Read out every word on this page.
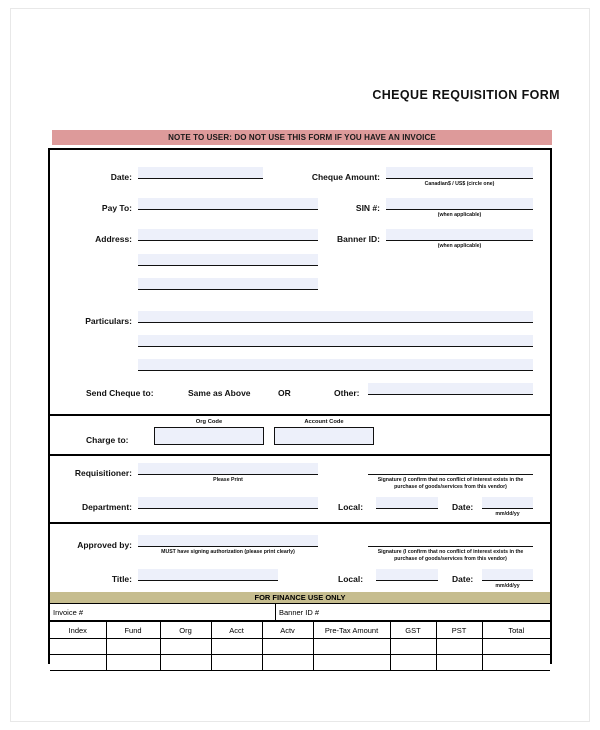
CHEQUE REQUISITION FORM
NOTE TO USER: DO NOT USE THIS FORM IF YOU HAVE AN INVOICE
Date:	Cheque Amount:
Canadian$ / US$ (circle one)
Pay To:	SIN #:
(when applicable)
Address:	Banner ID:
(when applicable)
Particulars:
Send Cheque to:	Same as Above	OR	Other:
Org Code	Account Code
Charge to:
Requisitioner:
Please Print	Signature (I confirm that no conflict of interest exists in the
purchase of goods/services from this vendor)
Department:	Local:	Date:
mm/dd/yy
Approved by:
MUST have signing authorization (please print clearly)	Signature (I confirm that no conflict of interest exists in the
purchase of goods/services from this vendor)
Title:	Local:	Date:
mm/dd/yy
FOR FINANCE USE ONLY
Invoice #	Banner ID #
Index	Fund	Org	Acct	Actv	Pre-Tax Amount	GST	PST	Total
